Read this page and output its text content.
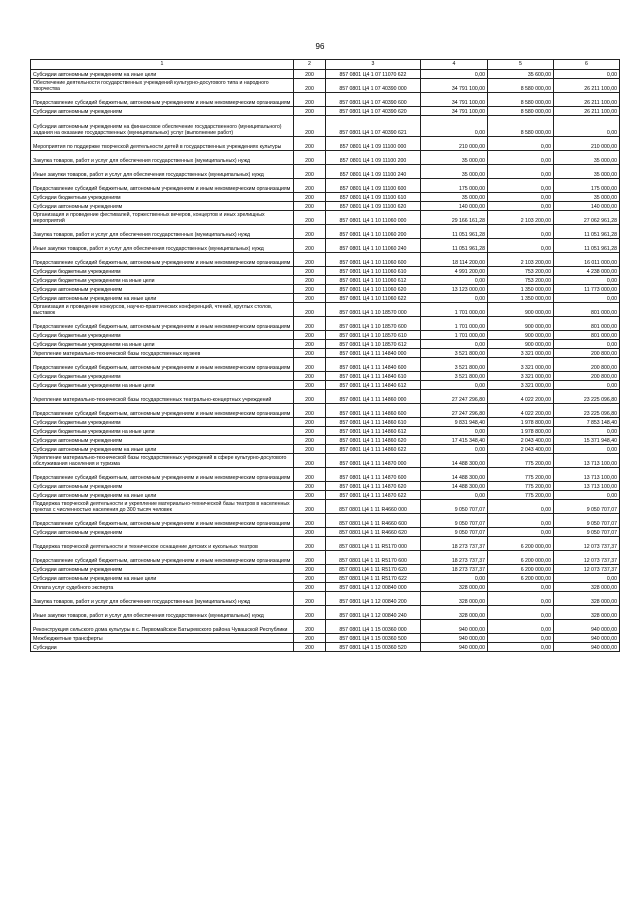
96
1	2	3	4	5	6
Субсидии автономным учреждениям на иные цели	200	857 0801 Ц4 1 07 11070 622	0,00	35 600,00	0,00
Обеспечение деятельности государственных учреждений культурно-досугового типа и народного творчества	200	857 0801 Ц4 1 07 40390 000	34 791 100,00	8 580 000,00	26 211 100,00
Предоставление субсидий бюджетным, автономным учреждениям и иным некоммерческим организациям	200	857 0801 Ц4 1 07 40390 600	34 791 100,00	8 580 000,00	26 211 100,00
Субсидии автономным учреждениям	200	857 0801 Ц4 1 07 40390 620	34 791 100,00	8 580 000,00	26 211 100,00
Субсидии автономным учреждениям на финансовое обеспечение государственного (муниципального) задания на оказание государственных (муниципальных) услуг (выполнение работ)	200	857 0801 Ц4 1 07 40390 621	0,00	8 580 000,00	0,00
Мероприятия по поддержке творческой деятельности детей в государственных учреждениях культуры	200	857 0801 Ц4 1 09 11100 000	210 000,00	0,00	210 000,00
Закупка товаров, работ и услуг для обеспечения государственных (муниципальных) нужд	200	857 0801 Ц4 1 09 11100 200	35 000,00	0,00	35 000,00
Иные закупки товаров, работ и услуг для обеспечения государственных (муниципальных) нужд	200	857 0801 Ц4 1 09 11100 240	35 000,00	0,00	35 000,00
Предоставление субсидий бюджетным, автономным учреждениям и иным некоммерческим организациям	200	857 0801 Ц4 1 09 11100 600	175 000,00	0,00	175 000,00
Субсидии бюджетным учреждениям	200	857 0801 Ц4 1 09 11100 610	35 000,00	0,00	35 000,00
Субсидии автономным учреждениям	200	857 0801 Ц4 1 09 11100 620	140 000,00	0,00	140 000,00
Организация и проведение фестивалей, торжественных вечеров, концертов и иных зрелищных мероприятий	200	857 0801 Ц4 1 10 11060 000	29 166 161,28	2 103 200,00	27 062 961,28
Закупка товаров, работ и услуг для обеспечения государственных (муниципальных) нужд	200	857 0801 Ц4 1 10 11060 200	11 051 961,28	0,00	11 051 961,28
Иные закупки товаров, работ и услуг для обеспечения государственных (муниципальных) нужд	200	857 0801 Ц4 1 10 11060 240	11 051 961,28	0,00	11 051 961,28
Предоставление субсидий бюджетным, автономным учреждениям и иным некоммерческим организациям	200	857 0801 Ц4 1 10 11060 600	18 114 200,00	2 103 200,00	16 011 000,00
Субсидии бюджетным учреждениям	200	857 0801 Ц4 1 10 11060 610	4 991 200,00	753 200,00	4 238 000,00
Субсидии бюджетным учреждениям на иные цели	200	857 0801 Ц4 1 10 11060 612	0,00	753 200,00	0,00
Субсидии автономным учреждениям	200	857 0801 Ц4 1 10 11060 620	13 123 000,00	1 350 000,00	11 773 000,00
Субсидии автономным учреждениям на иные цели	200	857 0801 Ц4 1 10 11060 622	0,00	1 350 000,00	0,00
Организация и проведение конкурсов, научно-практических конференций, чтений, круглых столов, выставок	200	857 0801 Ц4 1 10 18570 000	1 701 000,00	900 000,00	801 000,00
Предоставление субсидий бюджетным, автономным учреждениям и иным некоммерческим организациям	200	857 0801 Ц4 1 10 18570 600	1 701 000,00	900 000,00	801 000,00
Субсидии бюджетным учреждениям	200	857 0801 Ц4 1 10 18570 610	1 701 000,00	900 000,00	801 000,00
Субсидии бюджетным учреждениям на иные цели	200	857 0801 Ц4 1 10 18570 612	0,00	900 000,00	0,00
Укрепление материально-технической базы государственных музеев	200	857 0801 Ц4 1 11 14840 000	3 521 800,00	3 321 000,00	200 800,00
Предоставление субсидий бюджетным, автономным учреждениям и иным некоммерческим организациям	200	857 0801 Ц4 1 11 14840 600	3 521 800,00	3 321 000,00	200 800,00
Субсидии бюджетным учреждениям	200	857 0801 Ц4 1 11 14840 610	3 521 800,00	3 321 000,00	200 800,00
Субсидии бюджетным учреждениям на иные цели	200	857 0801 Ц4 1 11 14840 612	0,00	3 321 000,00	0,00
Укрепление материально-технической базы государственных театрально-концертных учреждений	200	857 0801 Ц4 1 11 14860 000	27 247 296,80	4 022 200,00	23 225 096,80
Предоставление субсидий бюджетным, автономным учреждениям и иным некоммерческим организациям	200	857 0801 Ц4 1 11 14860 600	27 247 296,80	4 022 200,00	23 225 096,80
Субсидии бюджетным учреждениям	200	857 0801 Ц4 1 11 14860 610	9 831 948,40	1 978 800,00	7 853 148,40
Субсидии бюджетным учреждениям на иные цели	200	857 0801 Ц4 1 11 14860 612	0,00	1 978 800,00	0,00
Субсидии автономным учреждениям	200	857 0801 Ц4 1 11 14860 620	17 415 348,40	2 043 400,00	15 371 948,40
Субсидии автономным учреждениям на иные цели	200	857 0801 Ц4 1 11 14860 622	0,00	2 043 400,00	0,00
Укрепление материально-технической базы государственных учреждений в сфере культурно-досугового обслуживания населения и туризма	200	857 0801 Ц4 1 11 14870 000	14 488 300,00	775 200,00	13 713 100,00
Предоставление субсидий бюджетным, автономным учреждениям и иным некоммерческим организациям	200	857 0801 Ц4 1 11 14870 600	14 488 300,00	775 200,00	13 713 100,00
Субсидии автономным учреждениям	200	857 0801 Ц4 1 11 14870 620	14 488 300,00	775 200,00	13 713 100,00
Субсидии автономным учреждениям на иные цели	200	857 0801 Ц4 1 11 14870 622	0,00	775 200,00	0,00
Поддержка творческой деятельности и укрепление материально-технической базы театров в населенных пунктах с численностью населения до 300 тысяч человек	200	857 0801 Ц4 1 11 R4660 000	9 050 707,07	0,00	9 050 707,07
Предоставление субсидий бюджетным, автономным учреждениям и иным некоммерческим организациям	200	857 0801 Ц4 1 11 R4660 600	9 050 707,07	0,00	9 050 707,07
Субсидии автономным учреждениям	200	857 0801 Ц4 1 11 R4660 620	9 050 707,07	0,00	9 050 707,07
Поддержка творческой деятельности и техническое оснащение детских и кукольных театров	200	857 0801 Ц4 1 11 R5170 000	18 273 737,37	6 200 000,00	12 073 737,37
Предоставление субсидий бюджетным, автономным учреждениям и иным некоммерческим организациям	200	857 0801 Ц4 1 11 R5170 600	18 273 737,37	6 200 000,00	12 073 737,37
Субсидии автономным учреждениям	200	857 0801 Ц4 1 11 R5170 620	18 273 737,37	6 200 000,00	12 073 737,37
Субсидии автономным учреждениям на иные цели	200	857 0801 Ц4 1 11 R5170 622	0,00	6 200 000,00	0,00
Оплата услуг судебного эксперта	200	857 0801 Ц4 1 12 00840 000	328 000,00	0,00	328 000,00
Закупка товаров, работ и услуг для обеспечения государственных (муниципальных) нужд	200	857 0801 Ц4 1 12 00840 200	328 000,00	0,00	328 000,00
Иные закупки товаров, работ и услуг для обеспечения государственных (муниципальных) нужд	200	857 0801 Ц4 1 12 00840 240	328 000,00	0,00	328 000,00
Реконструкция сельского дома культуры в с. Первомайское Батыревского района Чувашской Республики	200	857 0801 Ц4 1 15 00360 000	940 000,00	0,00	940 000,00
Межбюджетные трансферты	200	857 0801 Ц4 1 15 00360 500	940 000,00	0,00	940 000,00
Субсидии	200	857 0801 Ц4 1 15 00360 520	940 000,00	0,00	940 000,00
